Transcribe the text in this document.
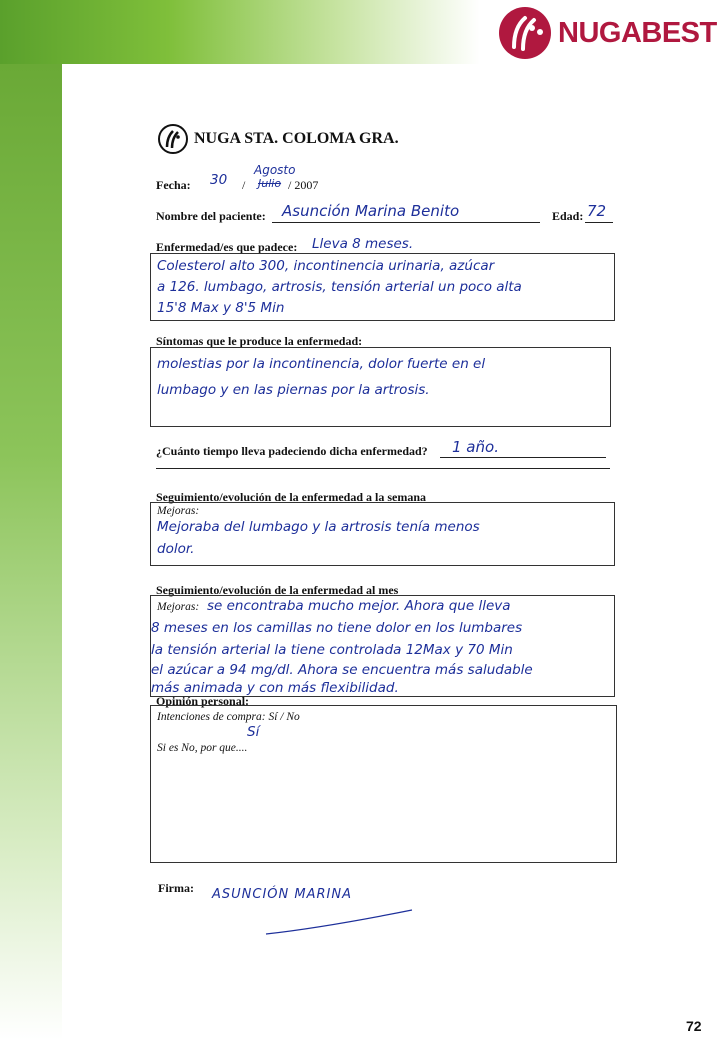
NUGABEST
NUGA STA. COLOMA GRA.
Fecha: 30 /
Agosto
Julio / 2007
Nombre del paciente: Asunción Marina Benito	Edad: 72
Enfermedad/es que padece: Lleva 8 meses.
Colesterol alto 300, incontinencia urinaria, azúcar
a 126. lumbago, artrosis, tensión arterial un poco alta
15'8 Max y 8'5 Min
Síntomas que le produce la enfermedad:
molestias por la incontinencia, dolor fuerte en el
lumbago y en las piernas por la artrosis.
¿Cuánto tiempo lleva padeciendo dicha enfermedad? 1 año.
Seguimiento/evolución de la enfermedad a la semana
Mejoras:
Mejoraba del lumbago y la artrosis tenía menos
dolor.
Seguimiento/evolución de la enfermedad al mes
Mejoras: se encontraba mucho mejor. Ahora que lleva
8 meses en los camillas no tiene dolor en los lumbares
la tensión arterial la tiene controlada 12Max y 70 Min
el azúcar a 94 mg/dl. Ahora se encuentra más saludable
más animada y con más flexibilidad.
Opinión personal:
Intenciones de compra: Sí / No
Sí
Si es No, por que....
Firma: ASUNCIÓN MARINA
72
